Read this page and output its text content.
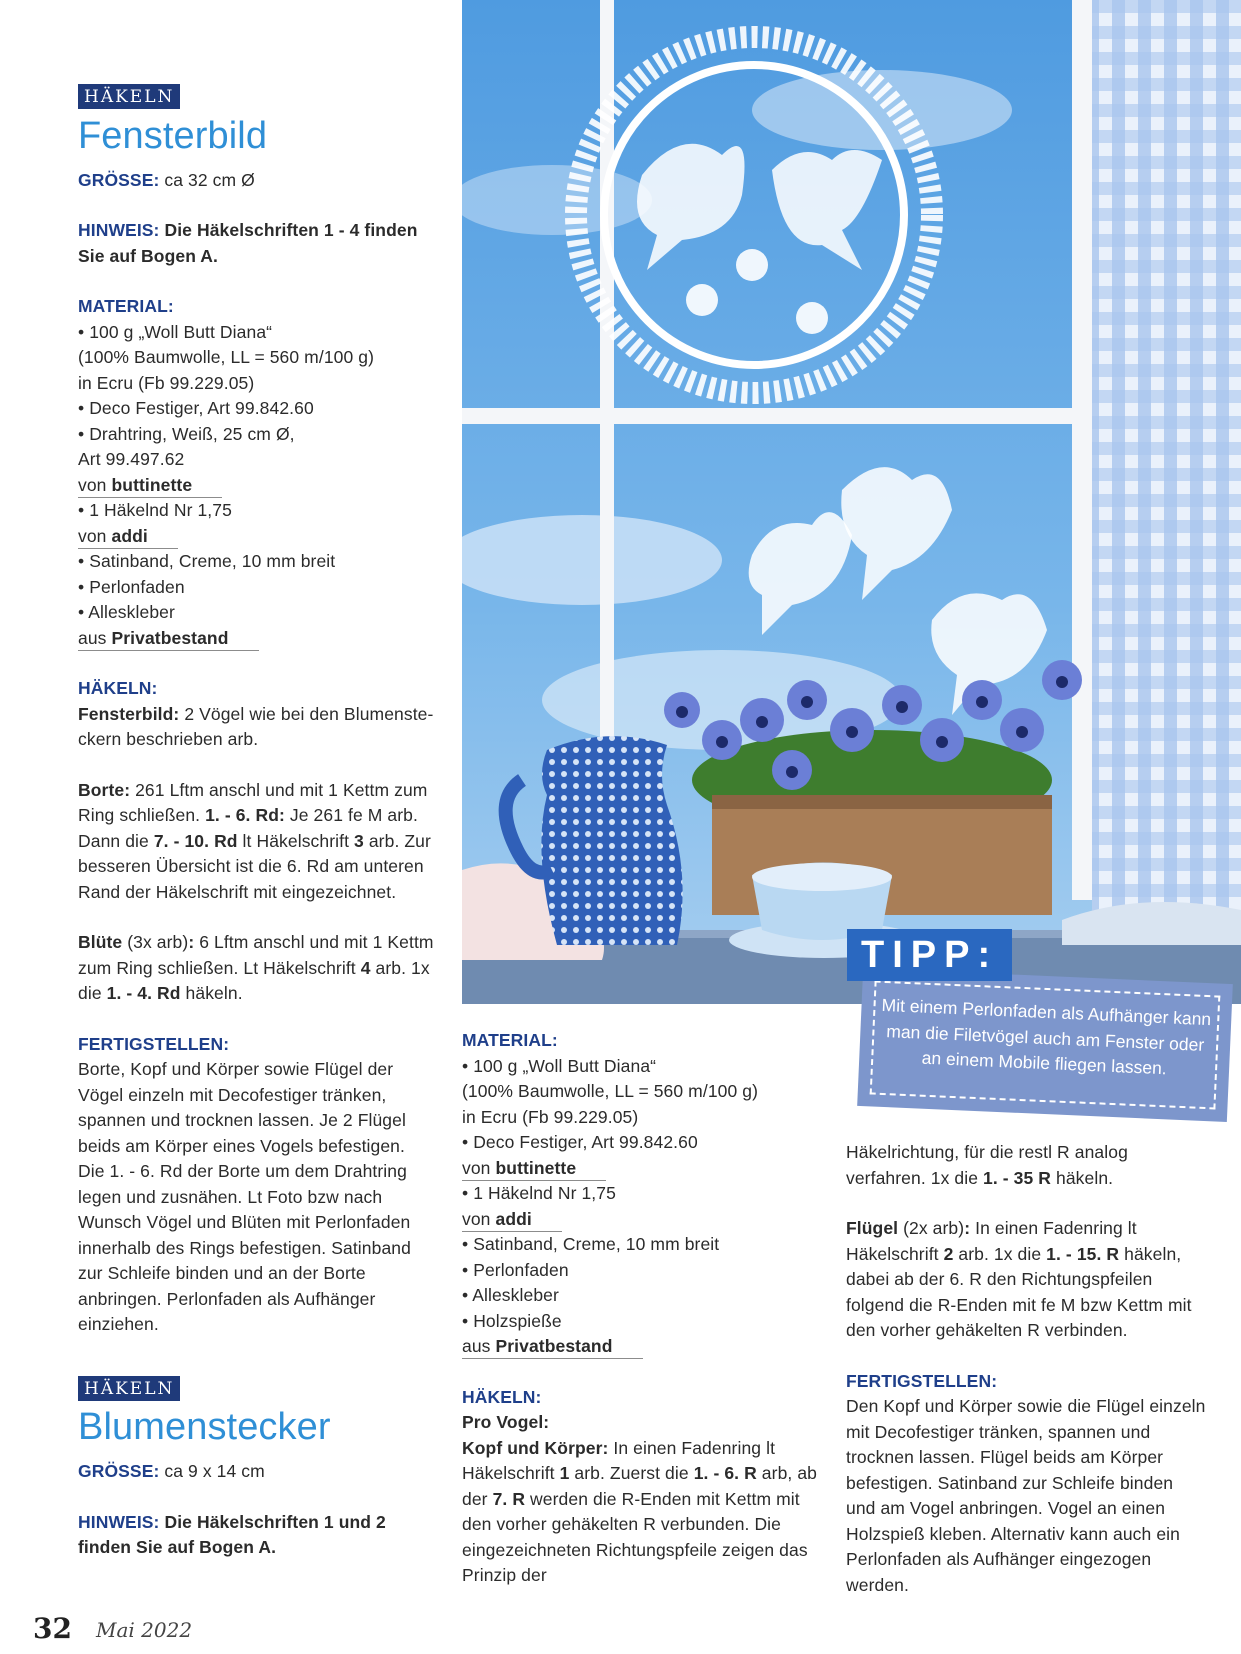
HÄKELN
Fensterbild

GRÖSSE: ca 32 cm Ø

HINWEIS: Die Häkelschriften 1 - 4 finden Sie auf Bogen A.

MATERIAL:

• 100 g „Woll Butt Diana“

(100% Baumwolle, LL = 560 m/100 g)

in Ecru (Fb 99.229.05)

• Deco Festiger, Art 99.842.60

• Drahtring, Weiß, 25 cm Ø,

Art 99.497.62

von buttinette

• 1 Häkelnd Nr 1,75

von addi

• Satinband, Creme, 10 mm breit

• Perlonfaden

• Alleskleber

aus Privatbestand

HÄKELN:

Fensterbild: 2 Vögel wie bei den Blumenste-ckern beschrieben arb.

Borte: 261 Lftm anschl und mit 1 Kettm zum Ring schließen. 1. - 6. Rd: Je 261 fe M arb. Dann die 7. - 10. Rd lt Häkelschrift 3 arb. Zur besseren Übersicht ist die 6. Rd am unteren Rand der Häkelschrift mit eingezeichnet.

Blüte (3x arb): 6 Lftm anschl und mit 1 Kettm zum Ring schließen. Lt Häkelschrift 4 arb. 1x die 1. - 4. Rd häkeln.

FERTIGSTELLEN:

Borte, Kopf und Körper sowie Flügel der Vögel einzeln mit Decofestiger tränken, spannen und trocknen lassen. Je 2 Flügel beids am Körper eines Vogels befestigen. Die 1. - 6. Rd der Borte um dem Drahtring legen und zusnähen. Lt Foto bzw nach Wunsch Vögel und Blüten mit Perlonfaden innerhalb des Rings befestigen. Satinband zur Schleife binden und an der Borte anbringen. Perlonfaden als Aufhänger einziehen.

HÄKELN
Blumenstecker

GRÖSSE: ca 9 x 14 cm

HINWEIS: Die Häkelschriften 1 und 2 finden Sie auf Bogen A.

Mit einem Perlonfaden als Aufhänger kann man die Filetvögel auch am Fenster oder an einem Mobile fliegen lassen.
TIPP:

MATERIAL:

• 100 g „Woll Butt Diana“

(100% Baumwolle, LL = 560 m/100 g)

in Ecru (Fb 99.229.05)

• Deco Festiger, Art 99.842.60

von buttinette

• 1 Häkelnd Nr 1,75

von addi

• Satinband, Creme, 10 mm breit

• Perlonfaden

• Alleskleber

• Holzspieße

aus Privatbestand

HÄKELN:

Pro Vogel:

Kopf und Körper: In einen Fadenring lt Häkelschrift 1 arb. Zuerst die 1. - 6. R arb, ab der 7. R werden die R-Enden mit Kettm mit den vorher gehäkelten R verbunden. Die eingezeichneten Richtungspfeile zeigen das Prinzip der

Häkelrichtung, für die restl R analog verfahren. 1x die 1. - 35 R häkeln.

Flügel (2x arb): In einen Fadenring lt Häkelschrift 2 arb. 1x die 1. - 15. R häkeln, dabei ab der 6. R den Richtungspfeilen folgend die R-Enden mit fe M bzw Kettm mit den vorher gehäkelten R verbinden.

FERTIGSTELLEN:

Den Kopf und Körper sowie die Flügel einzeln mit Decofestiger tränken, spannen und trocknen lassen. Flügel beids am Körper befestigen. Satinband zur Schleife binden und am Vogel anbringen. Vogel an einen Holzspieß kleben. Alternativ kann auch ein Perlonfaden als Aufhänger eingezogen werden.

32 Mai 2022
